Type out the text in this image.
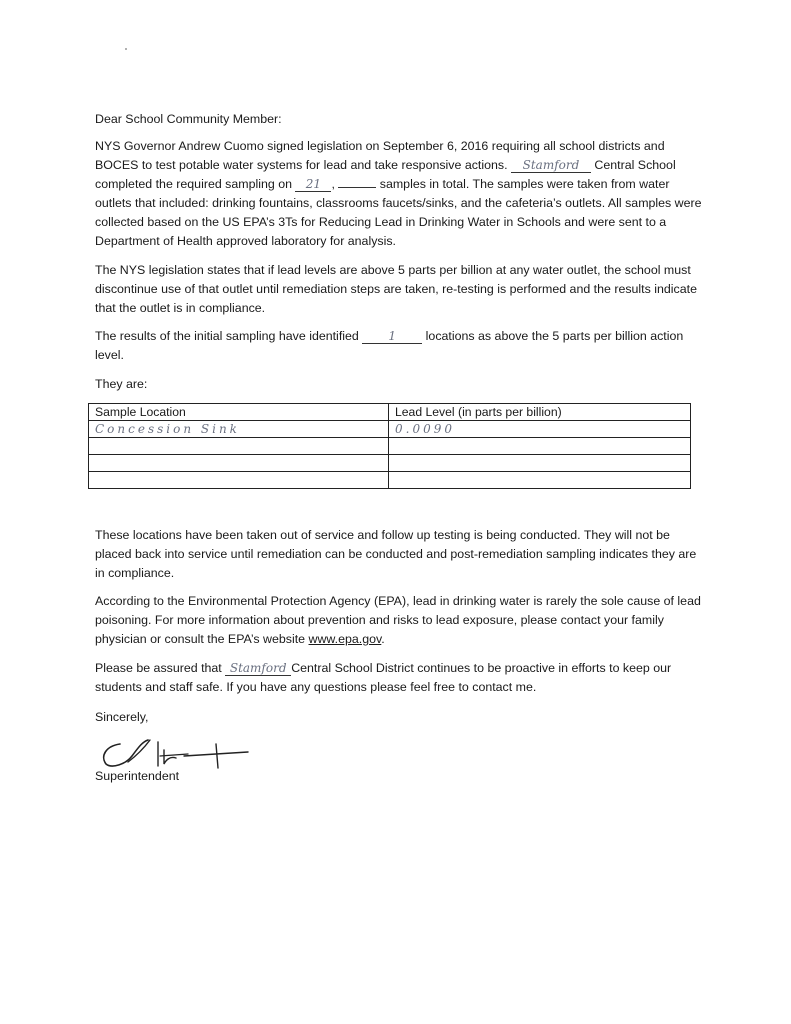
Dear School Community Member:

NYS Governor Andrew Cuomo signed legislation on September 6, 2016 requiring all school districts and BOCES to test potable water systems for lead and take responsive actions. Stamford Central School completed the required sampling on 21 ,	samples in total. The samples were taken from water outlets that included: drinking fountains, classrooms faucets/sinks, and the cafeteria’s outlets. All samples were collected based on the US EPA’s 3Ts for Reducing Lead in Drinking Water in Schools and were sent to a Department of Health approved laboratory for analysis.

The NYS legislation states that if lead levels are above 5 parts per billion at any water outlet, the school must discontinue use of that outlet until remediation steps are taken, re-testing is performed and the results indicate that the outlet is in compliance.

The results of the initial sampling have identified 1 locations as above the 5 parts per billion action level.

They are:

Sample Location	Lead Level (in parts per billion)
Concession Sink	0.0090

These locations have been taken out of service and follow up testing is being conducted. They will not be placed back into service until remediation can be conducted and post-remediation sampling indicates they are in compliance.

According to the Environmental Protection Agency (EPA), lead in drinking water is rarely the sole cause of lead poisoning. For more information about prevention and risks to lead exposure, please contact your family physician or consult the EPA’s website www.epa.gov.

Please be assured that Stamford Central School District continues to be proactive in efforts to keep our students and staff safe. If you have any questions please feel free to contact me.

Sincerely,

Superintendent
